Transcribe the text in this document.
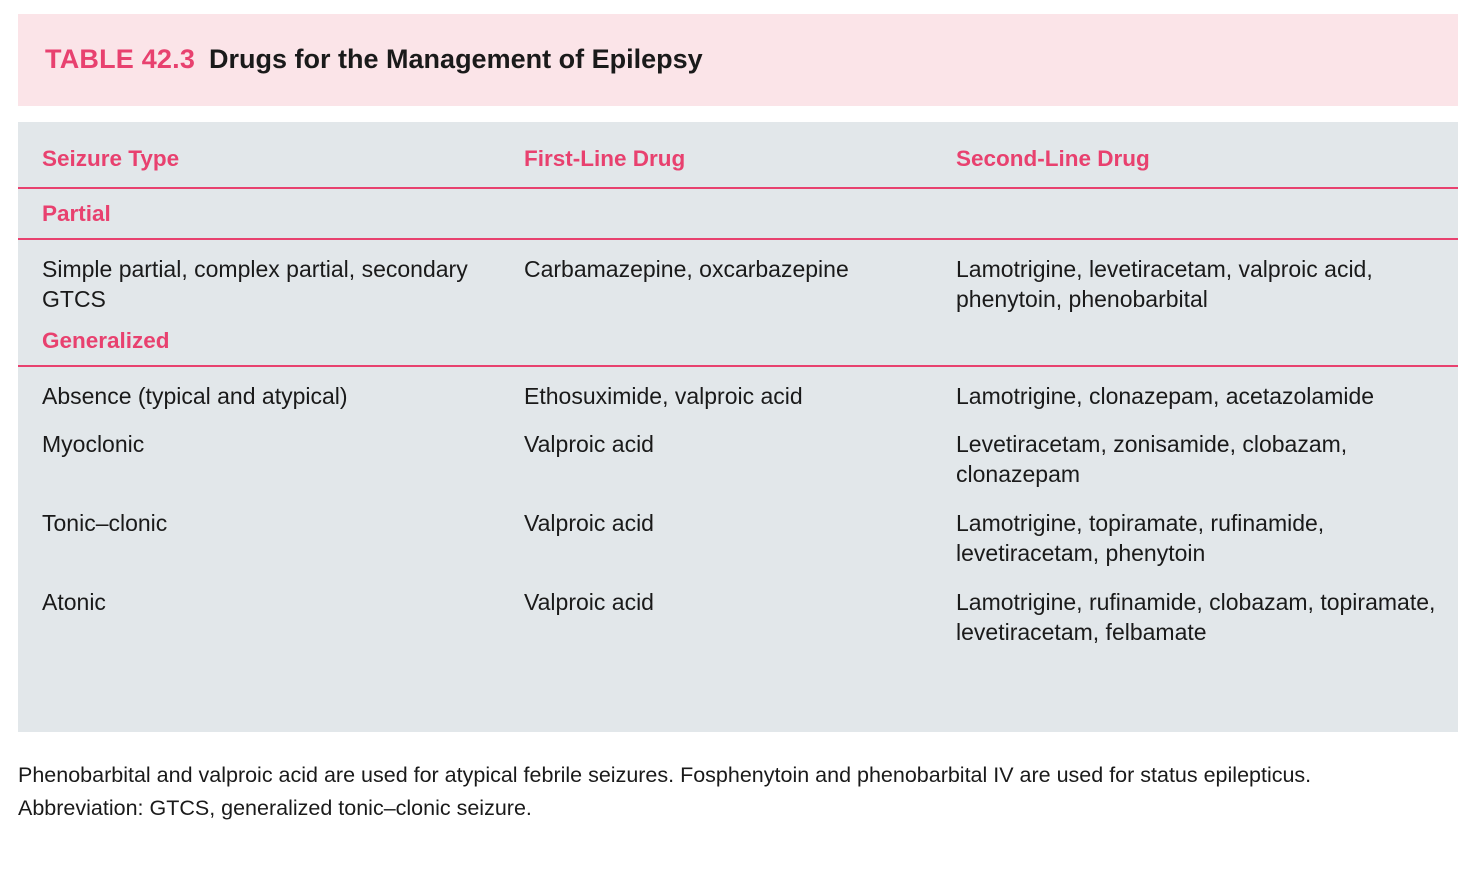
TABLE 42.3 Drugs for the Management of Epilepsy
Seizure Type	First-Line Drug	Second-Line Drug
Partial		
Simple partial, complex partial, secondary GTCS	Carbamazepine, oxcarbazepine	Lamotrigine, levetiracetam, valproic acid, phenytoin, phenobarbital
Generalized		
Absence (typical and atypical)	Ethosuximide, valproic acid	Lamotrigine, clonazepam, acetazolamide
Myoclonic	Valproic acid	Levetiracetam, zonisamide, clobazam, clonazepam
Tonic–clonic	Valproic acid	Lamotrigine, topiramate, rufinamide, levetiracetam, phenytoin
Atonic	Valproic acid	Lamotrigine, rufinamide, clobazam, topiramate, levetiracetam, felbamate

Phenobarbital and valproic acid are used for atypical febrile seizures. Fosphenytoin and phenobarbital IV are used for status epilepticus.

Abbreviation: GTCS, generalized tonic–clonic seizure.
